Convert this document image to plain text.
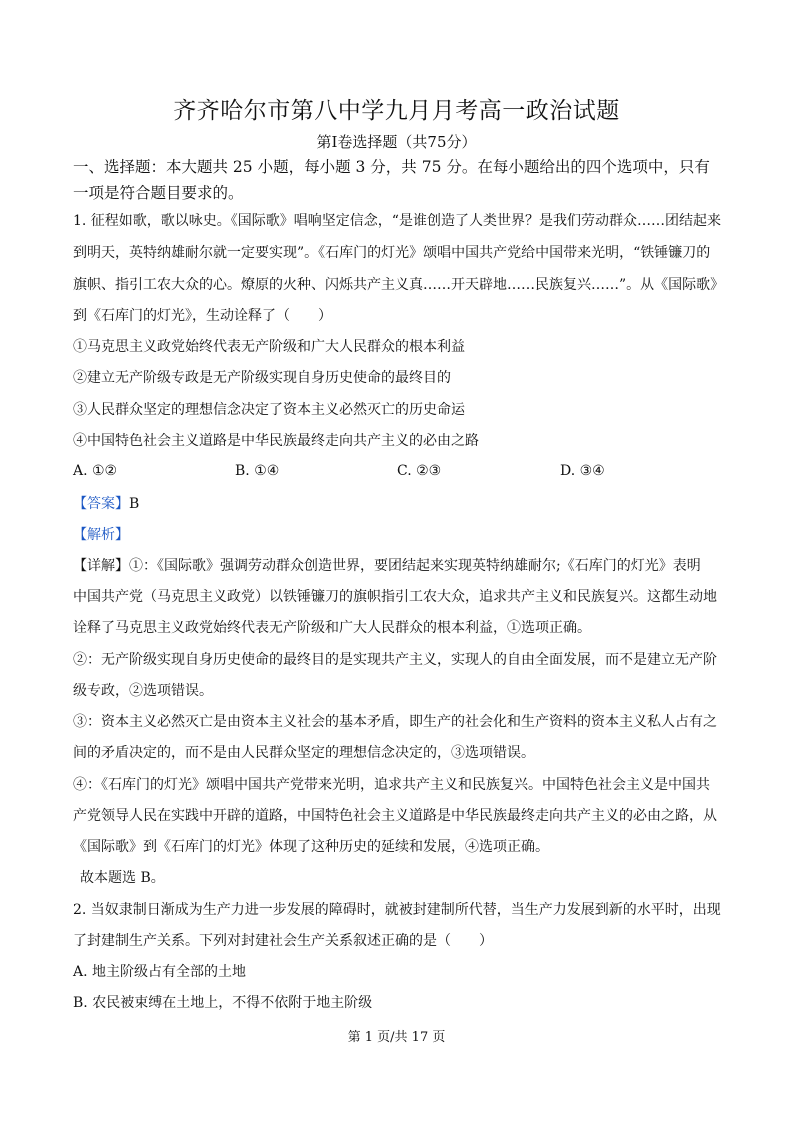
齐齐哈尔市第八中学九月月考高一政治试题
第Ⅰ卷选择题（共75分）
一、选择题：本大题共 25 小题，每小题 3 分，共 75 分。在每小题给出的四个选项中，只有
一项是符合题目要求的。
1. 征程如歌，歌以咏史。《国际歌》唱响坚定信念，“是谁创造了人类世界？是我们劳动群众……团结起来
到明天，英特纳雄耐尔就一定要实现”。《石库门的灯光》颂唱中国共产党给中国带来光明，“铁锤镰刀的
旗帜、指引工农大众的心。燎原的火种、闪烁共产主义真……开天辟地……民族复兴……”。从《国际歌》
到《石库门的灯光》，生动诠释了（　　）
①马克思主义政党始终代表无产阶级和广大人民群众的根本利益
②建立无产阶级专政是无产阶级实现自身历史使命的最终目的
③人民群众坚定的理想信念决定了资本主义必然灭亡的历史命运
④中国特色社会主义道路是中华民族最终走向共产主义的必由之路
A. ①②	B. ①④	C. ②③	D. ③④
【答案】B
【解析】
【详解】①：《国际歌》强调劳动群众创造世界，要团结起来实现英特纳雄耐尔;《石库门的灯光》表明
中国共产党（马克思主义政党）以铁锤镰刀的旗帜指引工农大众，追求共产主义和民族复兴。这都生动地
诠释了马克思主义政党始终代表无产阶级和广大人民群众的根本利益，①选项正确。
②：无产阶级实现自身历史使命的最终目的是实现共产主义，实现人的自由全面发展，而不是建立无产阶
级专政，②选项错误。
③：资本主义必然灭亡是由资本主义社会的基本矛盾，即生产的社会化和生产资料的资本主义私人占有之
间的矛盾决定的，而不是由人民群众坚定的理想信念决定的，③选项错误。
④：《石库门的灯光》颂唱中国共产党带来光明，追求共产主义和民族复兴。中国特色社会主义是中国共
产党领导人民在实践中开辟的道路，中国特色社会主义道路是中华民族最终走向共产主义的必由之路，从
《国际歌》到《石库门的灯光》体现了这种历史的延续和发展，④选项正确。
故本题选 B。
2. 当奴隶制日渐成为生产力进一步发展的障碍时，就被封建制所代替，当生产力发展到新的水平时，出现
了封建制生产关系。下列对封建社会生产关系叙述正确的是（　　）
A. 地主阶级占有全部的土地
B. 农民被束缚在土地上，不得不依附于地主阶级
第 1 页/共 17 页
